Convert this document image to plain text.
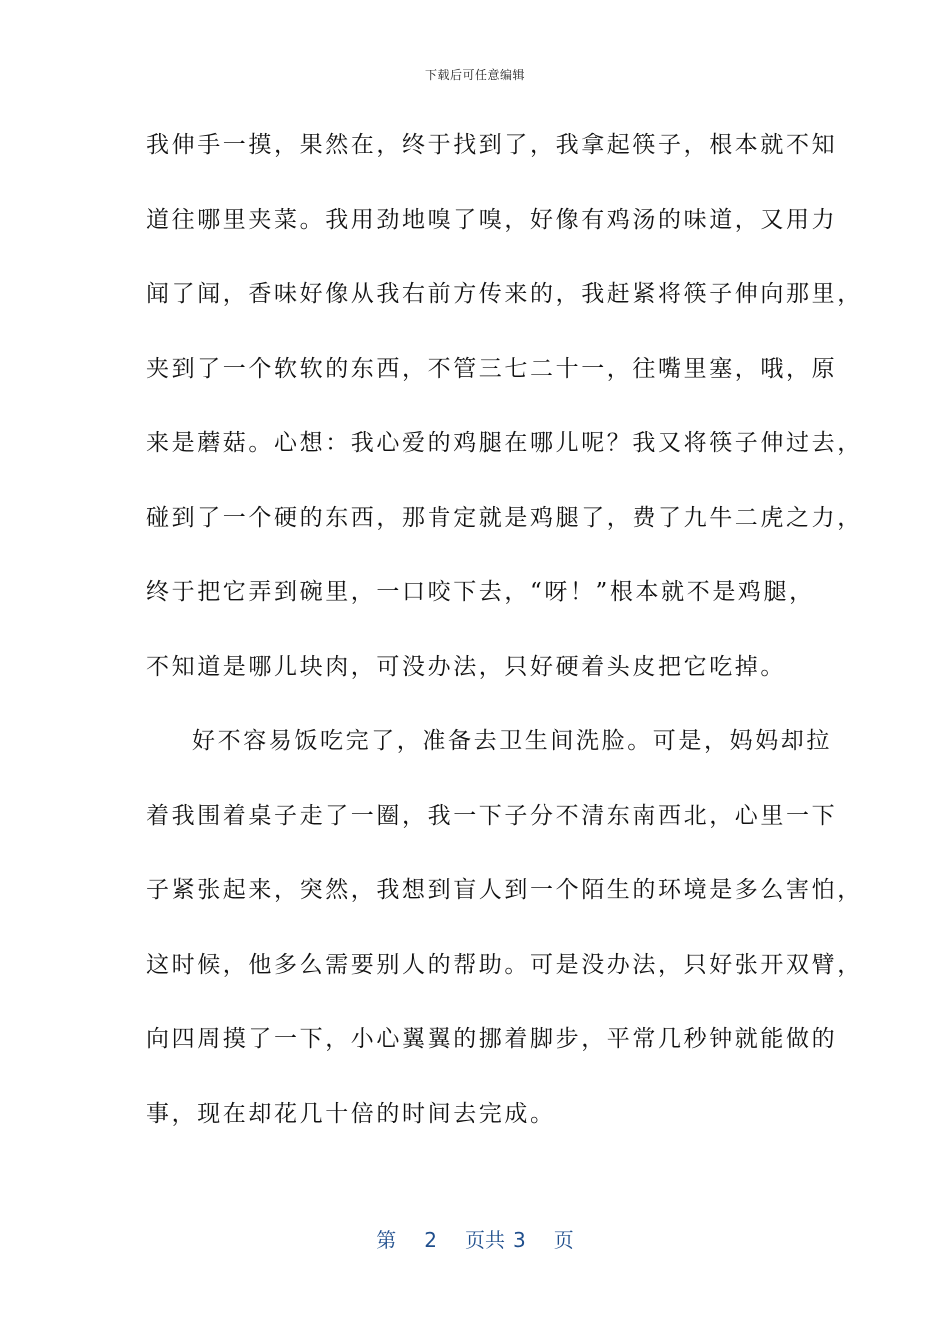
下载后可任意编辑
我伸手一摸，果然在，终于找到了，我拿起筷子，根本就不知
道往哪里夹菜。我用劲地嗅了嗅，好像有鸡汤的味道，又用力
闻了闻，香味好像从我右前方传来的，我赶紧将筷子伸向那里，
夹到了一个软软的东西，不管三七二十一，往嘴里塞，哦，原
来是蘑菇。心想：我心爱的鸡腿在哪儿呢？我又将筷子伸过去，
碰到了一个硬的东西，那肯定就是鸡腿了，费了九牛二虎之力，
终于把它弄到碗里，一口咬下去，“呀！”根本就不是鸡腿，
不知道是哪儿块肉，可没办法，只好硬着头皮把它吃掉。
好不容易饭吃完了，准备去卫生间洗脸。可是，妈妈却拉
着我围着桌子走了一圈，我一下子分不清东南西北，心里一下
子紧张起来，突然，我想到盲人到一个陌生的环境是多么害怕，
这时候，他多么需要别人的帮助。可是没办法，只好张开双臂，
向四周摸了一下，小心翼翼的挪着脚步，平常几秒钟就能做的
事，现在却花几十倍的时间去完成。
第 2 页共 3 页
